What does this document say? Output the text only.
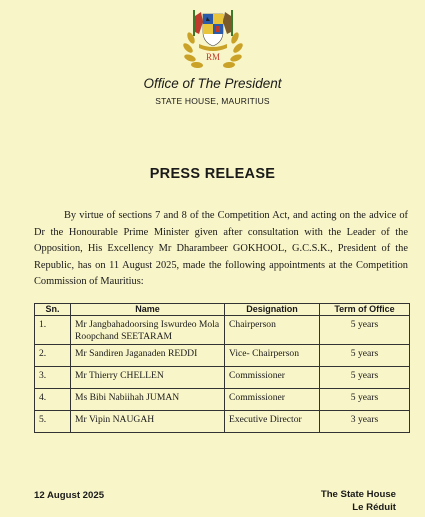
RM
Office of The President
STATE HOUSE, MAURITIUS
PRESS RELEASE

By virtue of sections 7 and 8 of the Competition Act, and acting on the advice of Dr the Honourable Prime Minister given after consultation with the Leader of the Opposition, His Excellency Mr Dharambeer GOKHOOL, G.C.S.K., President of the Republic, has on 11 August 2025, made the following appointments at the Competition Commission of Mauritius:

Sn.	Name	Designation	Term of Office
1.	Mr Jangbahadoorsing Iswurdeo Mola Roopchand SEETARAM	Chairperson	5 years
2.	Mr Sandiren Jaganaden REDDI	Vice- Chairperson	5 years
3.	Mr Thierry CHELLEN	Commissioner	5 years
4.	Ms Bibi Nabiihah JUMAN	Commissioner	5 years
5.	Mr Vipin NAUGAH	Executive Director	3 years
12 August 2025	The State House
Le Réduit
